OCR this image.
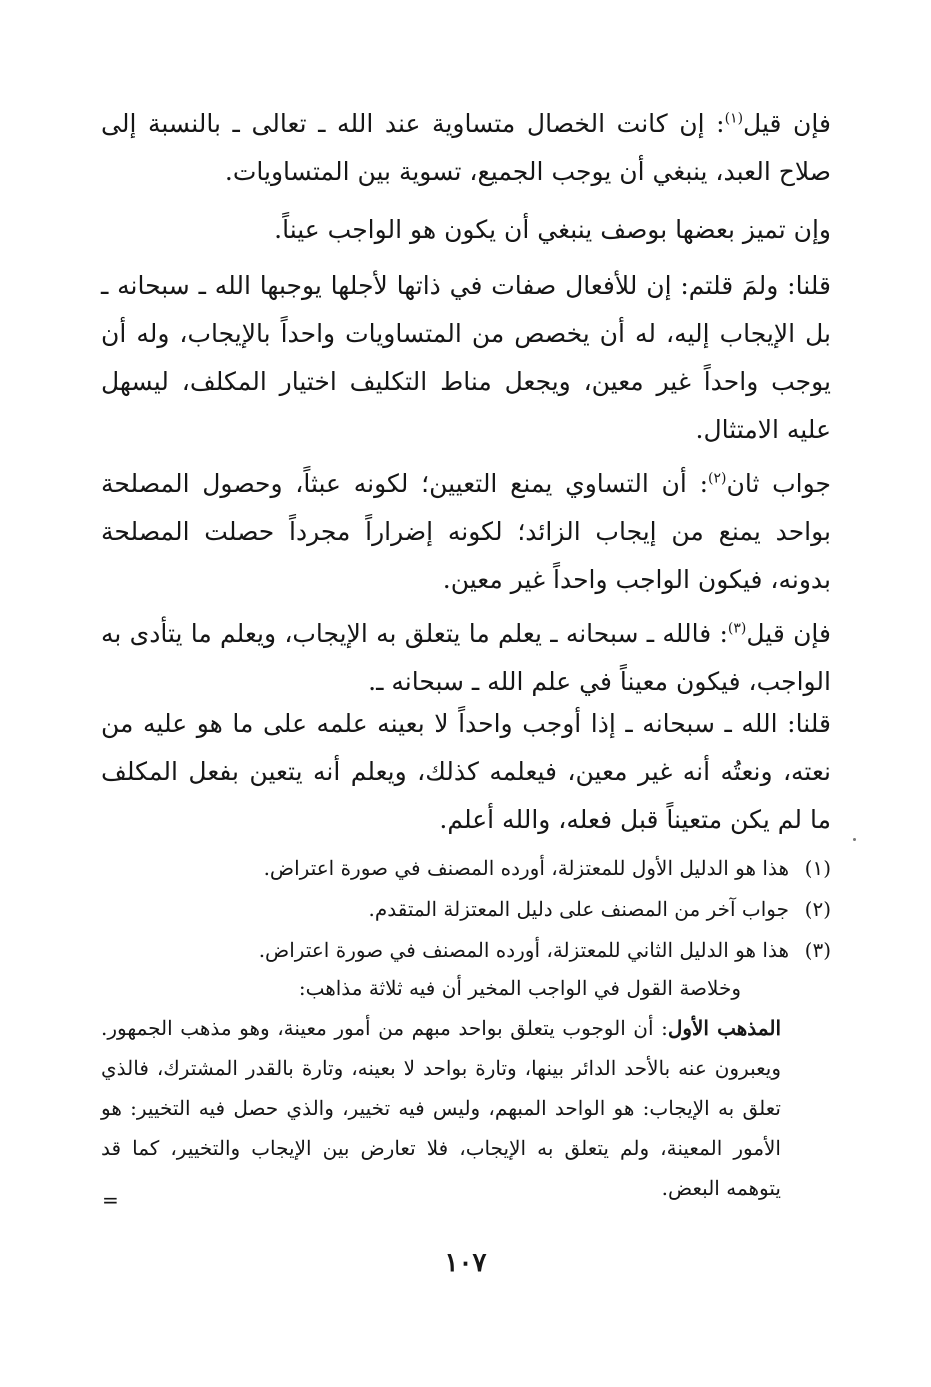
فإن قيل$^{(١)}$: إن كانت الخصال متساوية عند الله ـ تعالى ـ بالنسبة إلى صلاح العبد، ينبغي أن يوجب الجميع، تسوية بين المتساويات.

وإن تميز بعضها بوصف ينبغي أن يكون هو الواجب عيناً.

قلنا: ولمَ قلتم: إن للأفعال صفات في ذاتها لأجلها يوجبها الله ـ سبحانه ـ بل الإيجاب إليه، له أن يخصص من المتساويات واحداً بالإيجاب، وله أن يوجب واحداً غير معين، ويجعل مناط التكليف اختيار المكلف، ليسهل عليه الامتثال.

جواب ثان$^{(٢)}$: أن التساوي يمنع التعيين؛ لكونه عبثاً، وحصول المصلحة بواحد يمنع من إيجاب الزائد؛ لكونه إضراراً مجرداً حصلت المصلحة بدونه، فيكون الواجب واحداً غير معين.

فإن قيل$^{(٣)}$: فالله ـ سبحانه ـ يعلم ما يتعلق به الإيجاب، ويعلم ما يتأدى به الواجب، فيكون معيناً في علم الله ـ سبحانه ـ.

قلنا: الله ـ سبحانه ـ إذا أوجب واحداً لا بعينه علمه على ما هو عليه من نعته، ونعتُه أنه غير معين، فيعلمه كذلك، ويعلم أنه يتعين بفعل المكلف ما لم يكن متعيناً قبل فعله، والله أعلم.

(١)هذا هو الدليل الأول للمعتزلة، أورده المصنف في صورة اعتراض.

(٢)جواب آخر من المصنف على دليل المعتزلة المتقدم.

(٣)هذا هو الدليل الثاني للمعتزلة، أورده المصنف في صورة اعتراض.

وخلاصة القول في الواجب المخير أن فيه ثلاثة مذاهب:

المذهب الأول: أن الوجوب يتعلق بواحد مبهم من أمور معينة، وهو مذهب الجمهور. ويعبرون عنه بالأحد الدائر بينها، وتارة بواحد لا بعينه، وتارة بالقدر المشترك، فالذي تعلق به الإيجاب: هو الواحد المبهم، وليس فيه تخيير، والذي حصل فيه التخيير: هو الأمور المعينة، ولم يتعلق به الإيجاب، فلا تعارض بين الإيجاب والتخيير، كما قد يتوهمه البعض.

=
١٠٧
